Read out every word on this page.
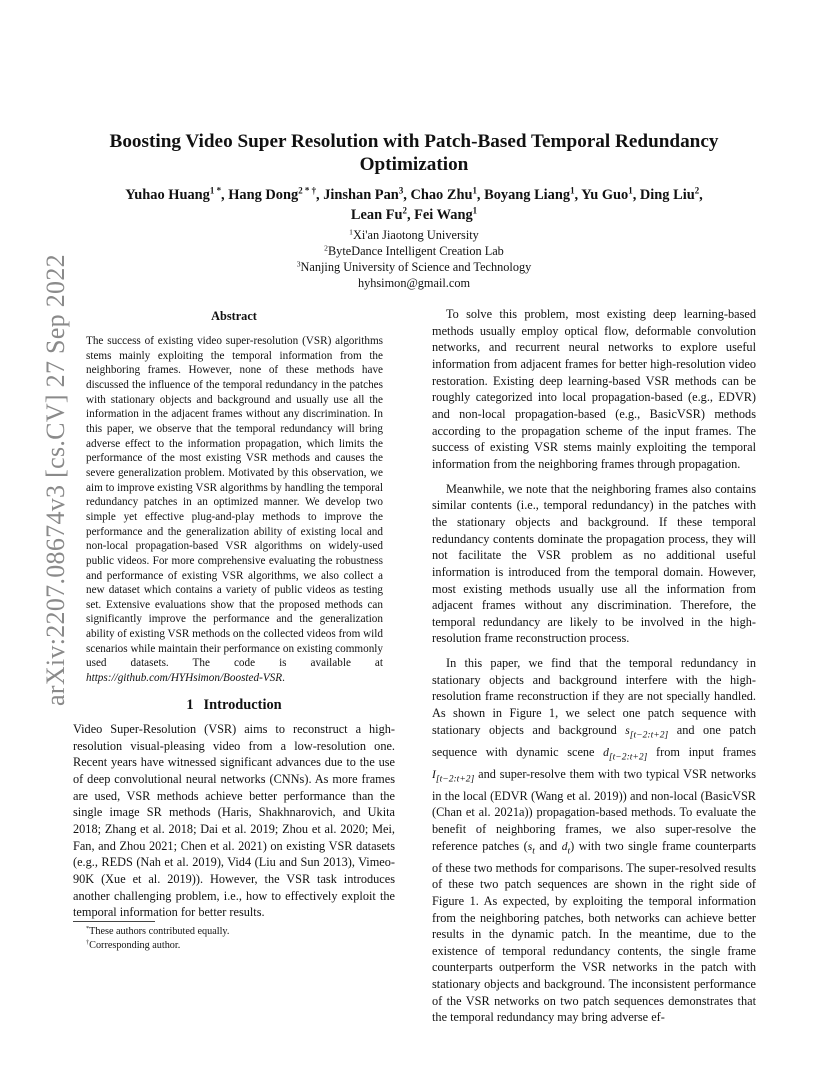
arXiv:2207.08674v3 [cs.CV] 27 Sep 2022
Boosting Video Super Resolution with Patch-Based Temporal Redundancy Optimization
Yuhao Huang$^{1 *}$, Hang Dong$^{2 * \dagger}$, Jinshan Pan$^3$, Chao Zhu$^1$, Boyang Liang$^1$, Yu Guo$^1$, Ding Liu$^2$,
Lean Fu$^2$, Fei Wang$^1$
$^1$Xi'an Jiaotong University
$^2$ByteDance Intelligent Creation Lab
$^3$Nanjing University of Science and Technology
hyhsimon@gmail.com
Abstract
The success of existing video super-resolution (VSR) algorithms stems mainly exploiting the temporal information from the neighboring frames. However, none of these methods have discussed the influence of the temporal redundancy in the patches with stationary objects and background and usually use all the information in the adjacent frames without any discrimination. In this paper, we observe that the temporal redundancy will bring adverse effect to the information propagation, which limits the performance of the most existing VSR methods and causes the severe generalization problem. Motivated by this observation, we aim to improve existing VSR algorithms by handling the temporal redundancy patches in an optimized manner. We develop two simple yet effective plug-and-play methods to improve the performance and the generalization ability of existing local and non-local propagation-based VSR algorithms on widely-used public videos. For more comprehensive evaluating the robustness and performance of existing VSR algorithms, we also collect a new dataset which contains a variety of public videos as testing set. Extensive evaluations show that the proposed methods can significantly improve the performance and the generalization ability of existing VSR methods on the collected videos from wild scenarios while maintain their performance on existing commonly used datasets. The code is available at https://github.com/HYHsimon/Boosted-VSR.
1 Introduction
Video Super-Resolution (VSR) aims to reconstruct a high-resolution visual-pleasing video from a low-resolution one. Recent years have witnessed significant advances due to the use of deep convolutional neural networks (CNNs). As more frames are used, VSR methods achieve better performance than the single image SR methods (Haris, Shakhnarovich, and Ukita 2018; Zhang et al. 2018; Dai et al. 2019; Zhou et al. 2020; Mei, Fan, and Zhou 2021; Chen et al. 2021) on existing VSR datasets (e.g., REDS (Nah et al. 2019), Vid4 (Liu and Sun 2013), Vimeo-90K (Xue et al. 2019)). However, the VSR task introduces another challenging problem, i.e., how to effectively exploit the temporal information for better results.
*These authors contributed equally.
†Corresponding author.

To solve this problem, most existing deep learning-based methods usually employ optical flow, deformable convolution networks, and recurrent neural networks to explore useful information from adjacent frames for better high-resolution video restoration. Existing deep learning-based VSR methods can be roughly categorized into local propagation-based (e.g., EDVR) and non-local propagation-based (e.g., BasicVSR) methods according to the propagation scheme of the input frames. The success of existing VSR stems mainly exploiting the temporal information from the neighboring frames through propagation.

Meanwhile, we note that the neighboring frames also contains similar contents (i.e., temporal redundancy) in the patches with the stationary objects and background. If these temporal redundancy contents dominate the propagation process, they will not facilitate the VSR problem as no additional useful information is introduced from the temporal domain. However, most existing methods usually use all the information from adjacent frames without any discrimination. Therefore, the temporal redundancy are likely to be involved in the high-resolution frame reconstruction process.

In this paper, we find that the temporal redundancy in stationary objects and background interfere with the high-resolution frame reconstruction if they are not specially handled. As shown in Figure 1, we select one patch sequence with stationary objects and background $s_{[t-2:t+2]}$ and one patch sequence with dynamic scene $d_{[t-2:t+2]}$ from input frames $I_{[t-2:t+2]}$ and super-resolve them with two typical VSR networks in the local (EDVR (Wang et al. 2019)) and non-local (BasicVSR (Chan et al. 2021a)) propagation-based methods. To evaluate the benefit of neighboring frames, we also super-resolve the reference patches ($s_t$ and $d_t$) with two single frame counterparts of these two methods for comparisons. The super-resolved results of these two patch sequences are shown in the right side of Figure 1. As expected, by exploiting the temporal information from the neighboring patches, both networks can achieve better results in the dynamic patch. In the meantime, due to the existence of temporal redundancy contents, the single frame counterparts outperform the VSR networks in the patch with stationary objects and background. The inconsistent performance of the VSR networks on two patch sequences demonstrates that the temporal redundancy may bring adverse ef-
